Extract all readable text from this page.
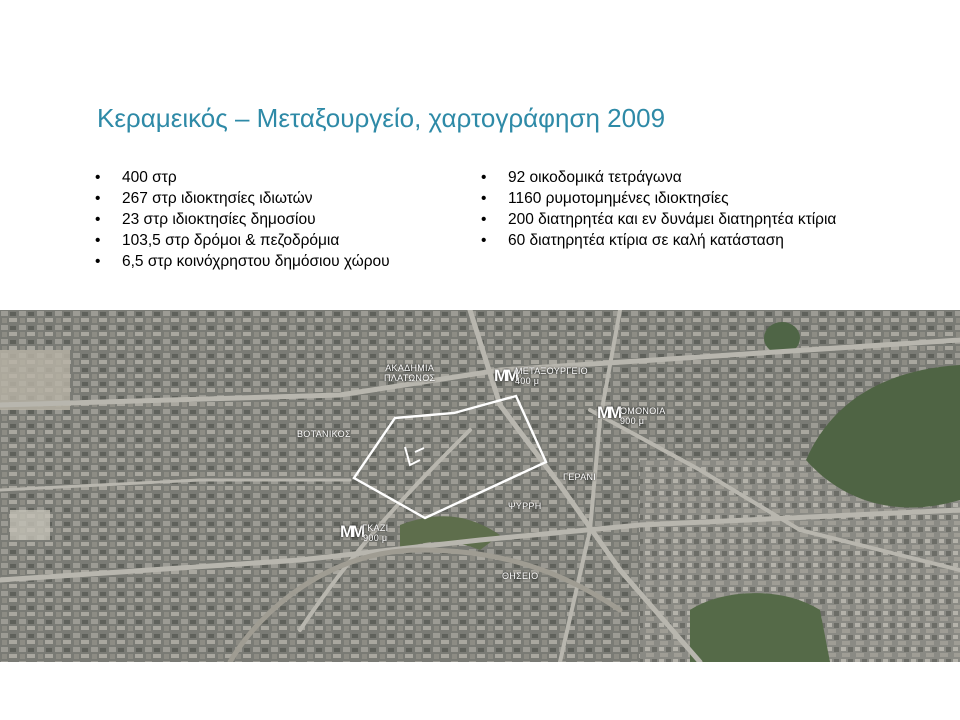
Κεραμεικός – Μεταξουργείο, χαρτογράφηση 2009
• 400 στρ
• 267 στρ ιδιοκτησίες ιδιωτών
• 23 στρ ιδιοκτησίες δημοσίου
• 103,5 στρ δρόμοι & πεζοδρόμια
• 6,5 στρ κοινόχρηστου δημόσιου χώρου
• 92 οικοδομικά τετράγωνα
• 1160 ρυμοτομημένες ιδιοκτησίες
• 200 διατηρητέα και εν δυνάμει διατηρητέα κτίρια
• 60 διατηρητέα κτίρια σε καλή κατάσταση
ΑΚΑΔΗΜΙΑ
ΠΛΑΤΩΝΟΣ	ΜΜ
ΜΕΤΑΞΟΥΡΓΕΙΟ
400 μ
ΜΜ ΟΜΟΝΟΙΑ
900 μ
ΒΟΤΑΝΙΚΟΣ
ΜΜ ΓΚΑΖΙ
900 μ
ΓΕΡΑΝΙ
ΨΥΡΡΗ
ΘΗΣΕΙΟ
